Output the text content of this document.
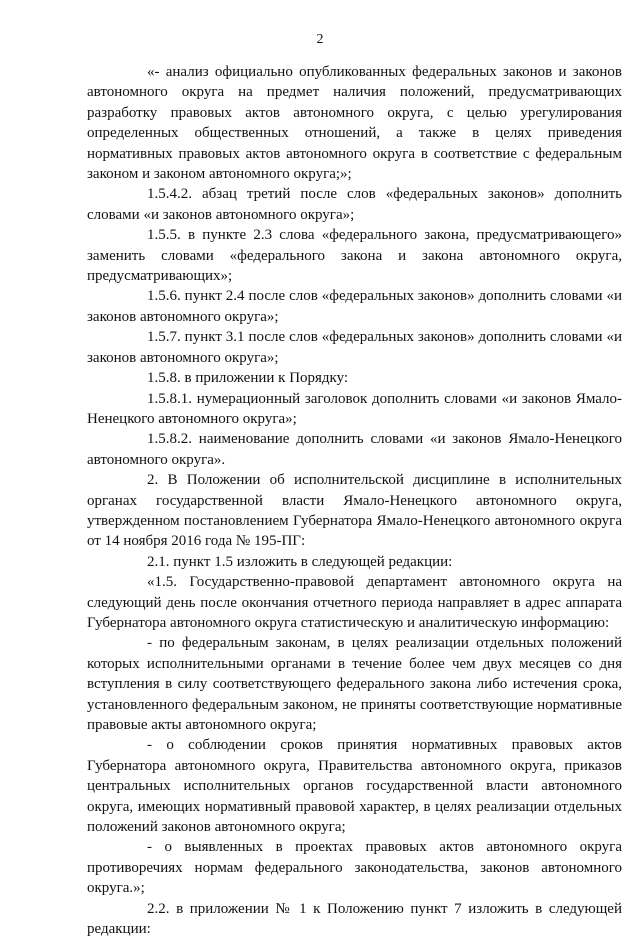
2

«- анализ официально опубликованных федеральных законов и законов автономного округа на предмет наличия положений, предусматривающих разработку правовых актов автономного округа, с целью урегулирования определенных общественных отношений, а также в целях приведения нормативных правовых актов автономного округа в соответствие с федеральным законом и законом автономного округа;»;

1.5.4.2. абзац третий после слов «федеральных законов» дополнить словами «и законов автономного округа»;

1.5.5. в пункте 2.3 слова «федерального закона, предусматривающего» заменить словами «федерального закона и закона автономного округа, предусматривающих»;

1.5.6. пункт 2.4 после слов «федеральных законов» дополнить словами «и законов автономного округа»;

1.5.7. пункт 3.1 после слов «федеральных законов» дополнить словами «и законов автономного округа»;

1.5.8. в приложении к Порядку:

1.5.8.1. нумерационный заголовок дополнить словами «и законов Ямало-Ненецкого автономного округа»;

1.5.8.2. наименование дополнить словами «и законов Ямало-Ненецкого автономного округа».

2. В Положении об исполнительской дисциплине в исполнительных органах государственной власти Ямало-Ненецкого автономного округа, утвержденном постановлением Губернатора Ямало-Ненецкого автономного округа от 14 ноября 2016 года № 195-ПГ:

2.1. пункт 1.5 изложить в следующей редакции:

«1.5. Государственно-правовой департамент автономного округа на следующий день после окончания отчетного периода направляет в адрес аппарата Губернатора автономного округа статистическую и аналитическую информацию:

- по федеральным законам, в целях реализации отдельных положений которых исполнительными органами в течение более чем двух месяцев со дня вступления в силу соответствующего федерального закона либо истечения срока, установленного федеральным законом, не приняты соответствующие нормативные правовые акты автономного округа;

- о соблюдении сроков принятия нормативных правовых актов Губернатора автономного округа, Правительства автономного округа, приказов центральных исполнительных органов государственной власти автономного округа, имеющих нормативный правовой характер, в целях реализации отдельных положений законов автономного округа;

- о выявленных в проектах правовых актов автономного округа противоречиях нормам федерального законодательства, законов автономного округа.»;

2.2. в приложении № 1 к Положению пункт 7 изложить в следующей редакции:
